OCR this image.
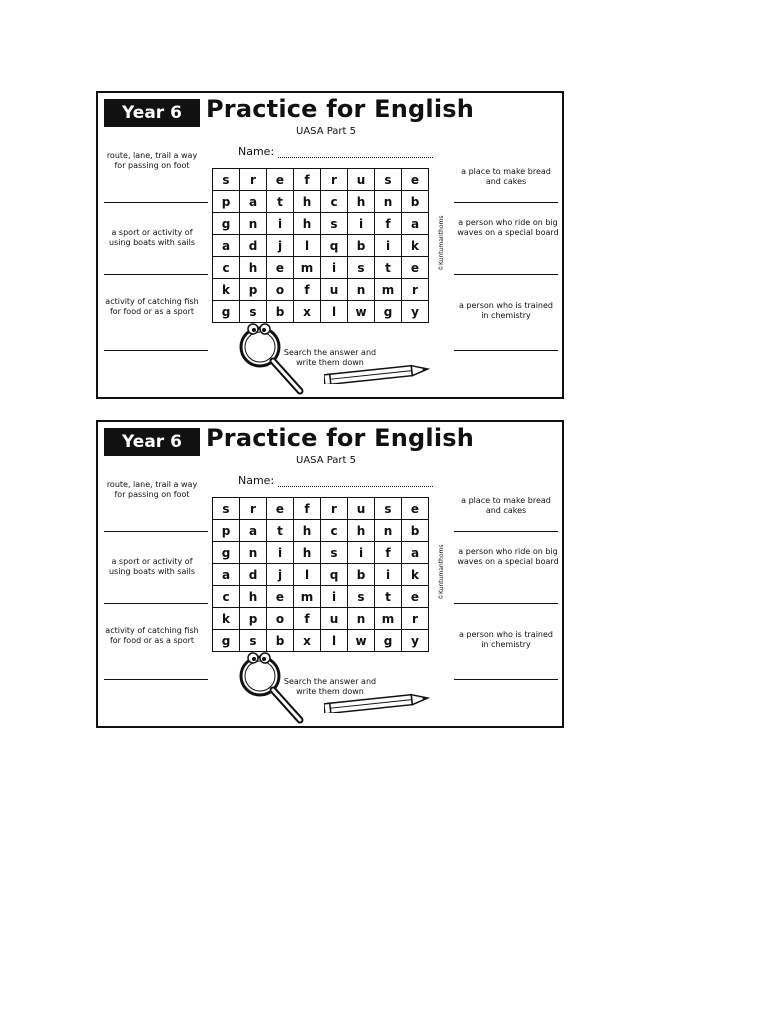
Year 6	Practice for English
UASA Part 5
Name:
route, lane, trail a way for passing on foot
a sport or activity of using boats with sails
activity of catching fish for food or as a sport
a place to make bread and cakes
a person who ride on big waves on a special board
a person who is trained in chemistry
s	r	e	f	r	u	s	e
p	a	t	h	c	h	n	b
g	n	i	h	s	i	f	a
a	d	j	l	q	b	i	k
c	h	e	m	i	s	t	e
k	p	o	f	u	n	m	r
g	s	b	x	l	w	g	y
©Kuntumanthoms
Search the answer and write them down
Year 6	Practice for English
UASA Part 5
Name:
route, lane, trail a way for passing on foot
a sport or activity of using boats with sails
activity of catching fish for food or as a sport
a place to make bread and cakes
a person who ride on big waves on a special board
a person who is trained in chemistry
s	r	e	f	r	u	s	e
p	a	t	h	c	h	n	b
g	n	i	h	s	i	f	a
a	d	j	l	q	b	i	k
c	h	e	m	i	s	t	e
k	p	o	f	u	n	m	r
g	s	b	x	l	w	g	y
©Kuntumanthoms
Search the answer and write them down
